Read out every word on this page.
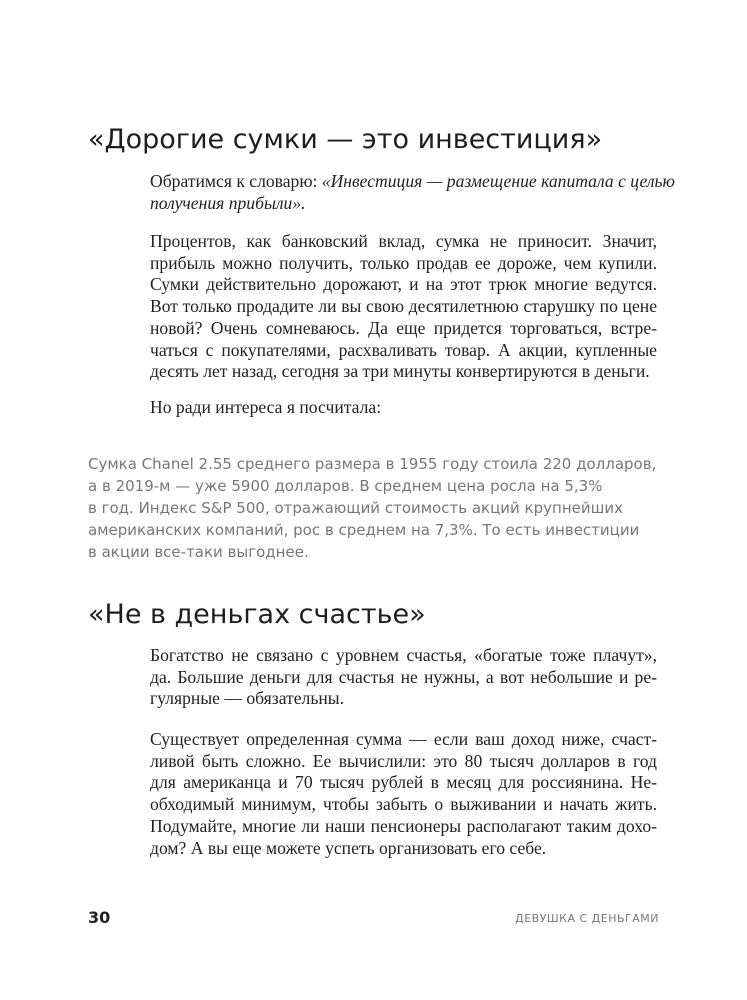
«Дорогие сумки — это инвестиция»
Обратимся к словарю: «Инвестиция — размещение капитала с целью
получения прибыли».
Процентов, как банковский вклад, сумка не приносит. Значит,
прибыль можно получить, только продав ее дороже, чем купили.
Сумки действительно дорожают, и на этот трюк многие ведутся.
Вот только продадите ли вы свою десятилетнюю старушку по цене
новой? Очень сомневаюсь. Да еще придется торговаться, встре-
чаться с покупателями, расхваливать товар. А акции, купленные
десять лет назад, сегодня за три минуты конвертируются в деньги.
Но ради интереса я посчитала:
Сумка Chanel 2.55 среднего размера в 1955 году стоила 220 долларов,
а в 2019-м — уже 5900 долларов. В среднем цена росла на 5,3%
в год. Индекс S&P 500, отражающий стоимость акций крупнейших
американских компаний, рос в среднем на 7,3%. То есть инвестиции
в акции все-таки выгоднее.
«Не в деньгах счастье»
Богатство не связано с уровнем счастья, «богатые тоже плачут»,
да. Большие деньги для счастья не нужны, а вот небольшие и ре-
гулярные — обязательны.
Существует определенная сумма — если ваш доход ниже, счаст-
ливой быть сложно. Ее вычислили: это 80 тысяч долларов в год
для американца и 70 тысяч рублей в месяц для россиянина. Не-
обходимый минимум, чтобы забыть о выживании и начать жить.
Подумайте, многие ли наши пенсионеры располагают таким дохо-
дом? А вы еще можете успеть организовать его себе.
30	ДЕВУШКА С ДЕНЬГАМИ
